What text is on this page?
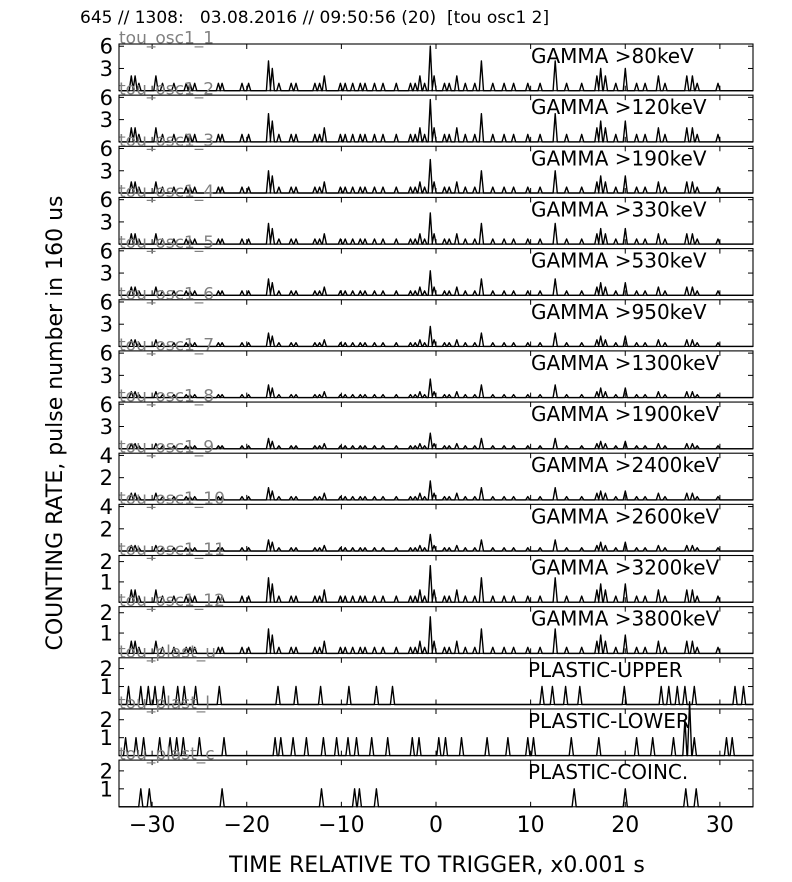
645 // 1308:   03.08.2016 // 09:50:56 (20)  [tou osc1 2]
3
6	GAMMA >80keV
tou_osc1_1
3
6	GAMMA >120keV
tou_osc1_2
3
6	GAMMA >190keV
tou_osc1_3
3
6	GAMMA >330keV
tou_osc1_4
3
6	GAMMA >530keV
tou_osc1_5
3
6	GAMMA >950keV
tou_osc1_6
3
6	GAMMA >1300keV
tou_osc1_7
3
6	GAMMA >1900keV
tou_osc1_8
2
4	GAMMA >2400keV
tou_osc1_9
2
4	GAMMA >2600keV
tou_osc1_10
1
2	GAMMA >3200keV
tou_osc1_11
1
2	GAMMA >3800keV
tou_osc1_12
1
2	PLASTIC-UPPER
tou_plast_u
1
2	PLASTIC-LOWER
tou_plast_l
1
2	PLASTIC-COINC.
tou_plast_c
−30 −20 −10	0	10	20	30
TIME RELATIVE TO TRIGGER, x0.001 s
COUNTING RATE, pulse number in 160 us
